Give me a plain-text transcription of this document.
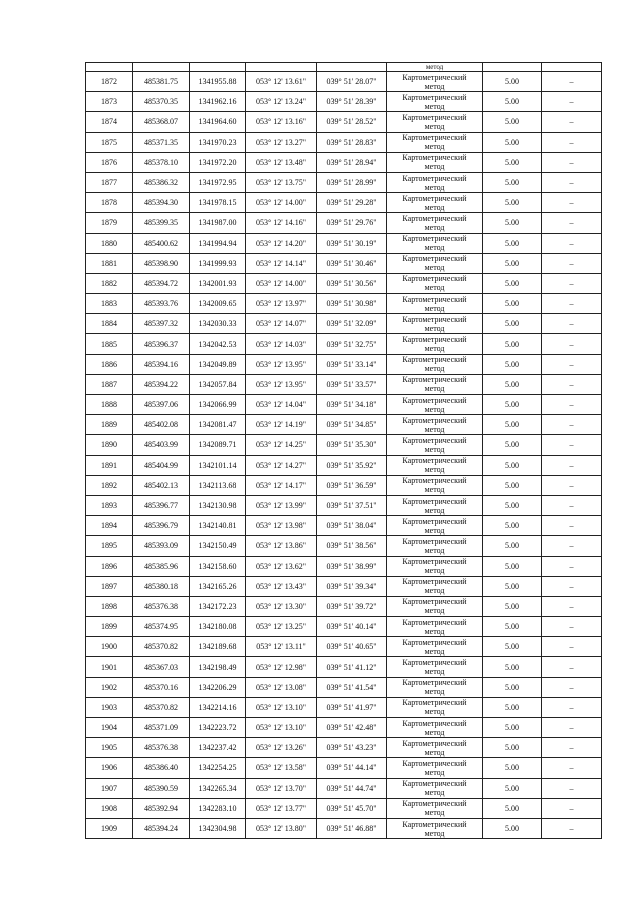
					метод		
1872	485381.75	1341955.88	053° 12' 13.61"	039° 51' 28.07"	Картометрический
метод	5.00	–
1873	485370.35	1341962.16	053° 12' 13.24"	039° 51' 28.39"	Картометрический
метод	5.00	–
1874	485368.07	1341964.60	053° 12' 13.16"	039° 51' 28.52"	Картометрический
метод	5.00	–
1875	485371.35	1341970.23	053° 12' 13.27"	039° 51' 28.83"	Картометрический
метод	5.00	–
1876	485378.10	1341972.20	053° 12' 13.48"	039° 51' 28.94"	Картометрический
метод	5.00	–
1877	485386.32	1341972.95	053° 12' 13.75"	039° 51' 28.99"	Картометрический
метод	5.00	–
1878	485394.30	1341978.15	053° 12' 14.00"	039° 51' 29.28"	Картометрический
метод	5.00	–
1879	485399.35	1341987.00	053° 12' 14.16"	039° 51' 29.76"	Картометрический
метод	5.00	–
1880	485400.62	1341994.94	053° 12' 14.20"	039° 51' 30.19"	Картометрический
метод	5.00	–
1881	485398.90	1341999.93	053° 12' 14.14"	039° 51' 30.46"	Картометрический
метод	5.00	–
1882	485394.72	1342001.93	053° 12' 14.00"	039° 51' 30.56"	Картометрический
метод	5.00	–
1883	485393.76	1342009.65	053° 12' 13.97"	039° 51' 30.98"	Картометрический
метод	5.00	–
1884	485397.32	1342030.33	053° 12' 14.07"	039° 51' 32.09"	Картометрический
метод	5.00	–
1885	485396.37	1342042.53	053° 12' 14.03"	039° 51' 32.75"	Картометрический
метод	5.00	–
1886	485394.16	1342049.89	053° 12' 13.95"	039° 51' 33.14"	Картометрический
метод	5.00	–
1887	485394.22	1342057.84	053° 12' 13.95"	039° 51' 33.57"	Картометрический
метод	5.00	–
1888	485397.06	1342066.99	053° 12' 14.04"	039° 51' 34.18"	Картометрический
метод	5.00	–
1889	485402.08	1342081.47	053° 12' 14.19"	039° 51' 34.85"	Картометрический
метод	5.00	–
1890	485403.99	1342089.71	053° 12' 14.25"	039° 51' 35.30"	Картометрический
метод	5.00	–
1891	485404.99	1342101.14	053° 12' 14.27"	039° 51' 35.92"	Картометрический
метод	5.00	–
1892	485402.13	1342113.68	053° 12' 14.17"	039° 51' 36.59"	Картометрический
метод	5.00	–
1893	485396.77	1342130.98	053° 12' 13.99"	039° 51' 37.51"	Картометрический
метод	5.00	–
1894	485396.79	1342140.81	053° 12' 13.98"	039° 51' 38.04"	Картометрический
метод	5.00	–
1895	485393.09	1342150.49	053° 12' 13.86"	039° 51' 38.56"	Картометрический
метод	5.00	–
1896	485385.96	1342158.60	053° 12' 13.62"	039° 51' 38.99"	Картометрический
метод	5.00	–
1897	485380.18	1342165.26	053° 12' 13.43"	039° 51' 39.34"	Картометрический
метод	5.00	–
1898	485376.38	1342172.23	053° 12' 13.30"	039° 51' 39.72"	Картометрический
метод	5.00	–
1899	485374.95	1342180.08	053° 12' 13.25"	039° 51' 40.14"	Картометрический
метод	5.00	–
1900	485370.82	1342189.68	053° 12' 13.11"	039° 51' 40.65"	Картометрический
метод	5.00	–
1901	485367.03	1342198.49	053° 12' 12.98"	039° 51' 41.12"	Картометрический
метод	5.00	–
1902	485370.16	1342206.29	053° 12' 13.08"	039° 51' 41.54"	Картометрический
метод	5.00	–
1903	485370.82	1342214.16	053° 12' 13.10"	039° 51' 41.97"	Картометрический
метод	5.00	–
1904	485371.09	1342223.72	053° 12' 13.10"	039° 51' 42.48"	Картометрический
метод	5.00	–
1905	485376.38	1342237.42	053° 12' 13.26"	039° 51' 43.23"	Картометрический
метод	5.00	–
1906	485386.40	1342254.25	053° 12' 13.58"	039° 51' 44.14"	Картометрический
метод	5.00	–
1907	485390.59	1342265.34	053° 12' 13.70"	039° 51' 44.74"	Картометрический
метод	5.00	–
1908	485392.94	1342283.10	053° 12' 13.77"	039° 51' 45.70"	Картометрический
метод	5.00	–
1909	485394.24	1342304.98	053° 12' 13.80"	039° 51' 46.88"	Картометрический
метод	5.00	–
